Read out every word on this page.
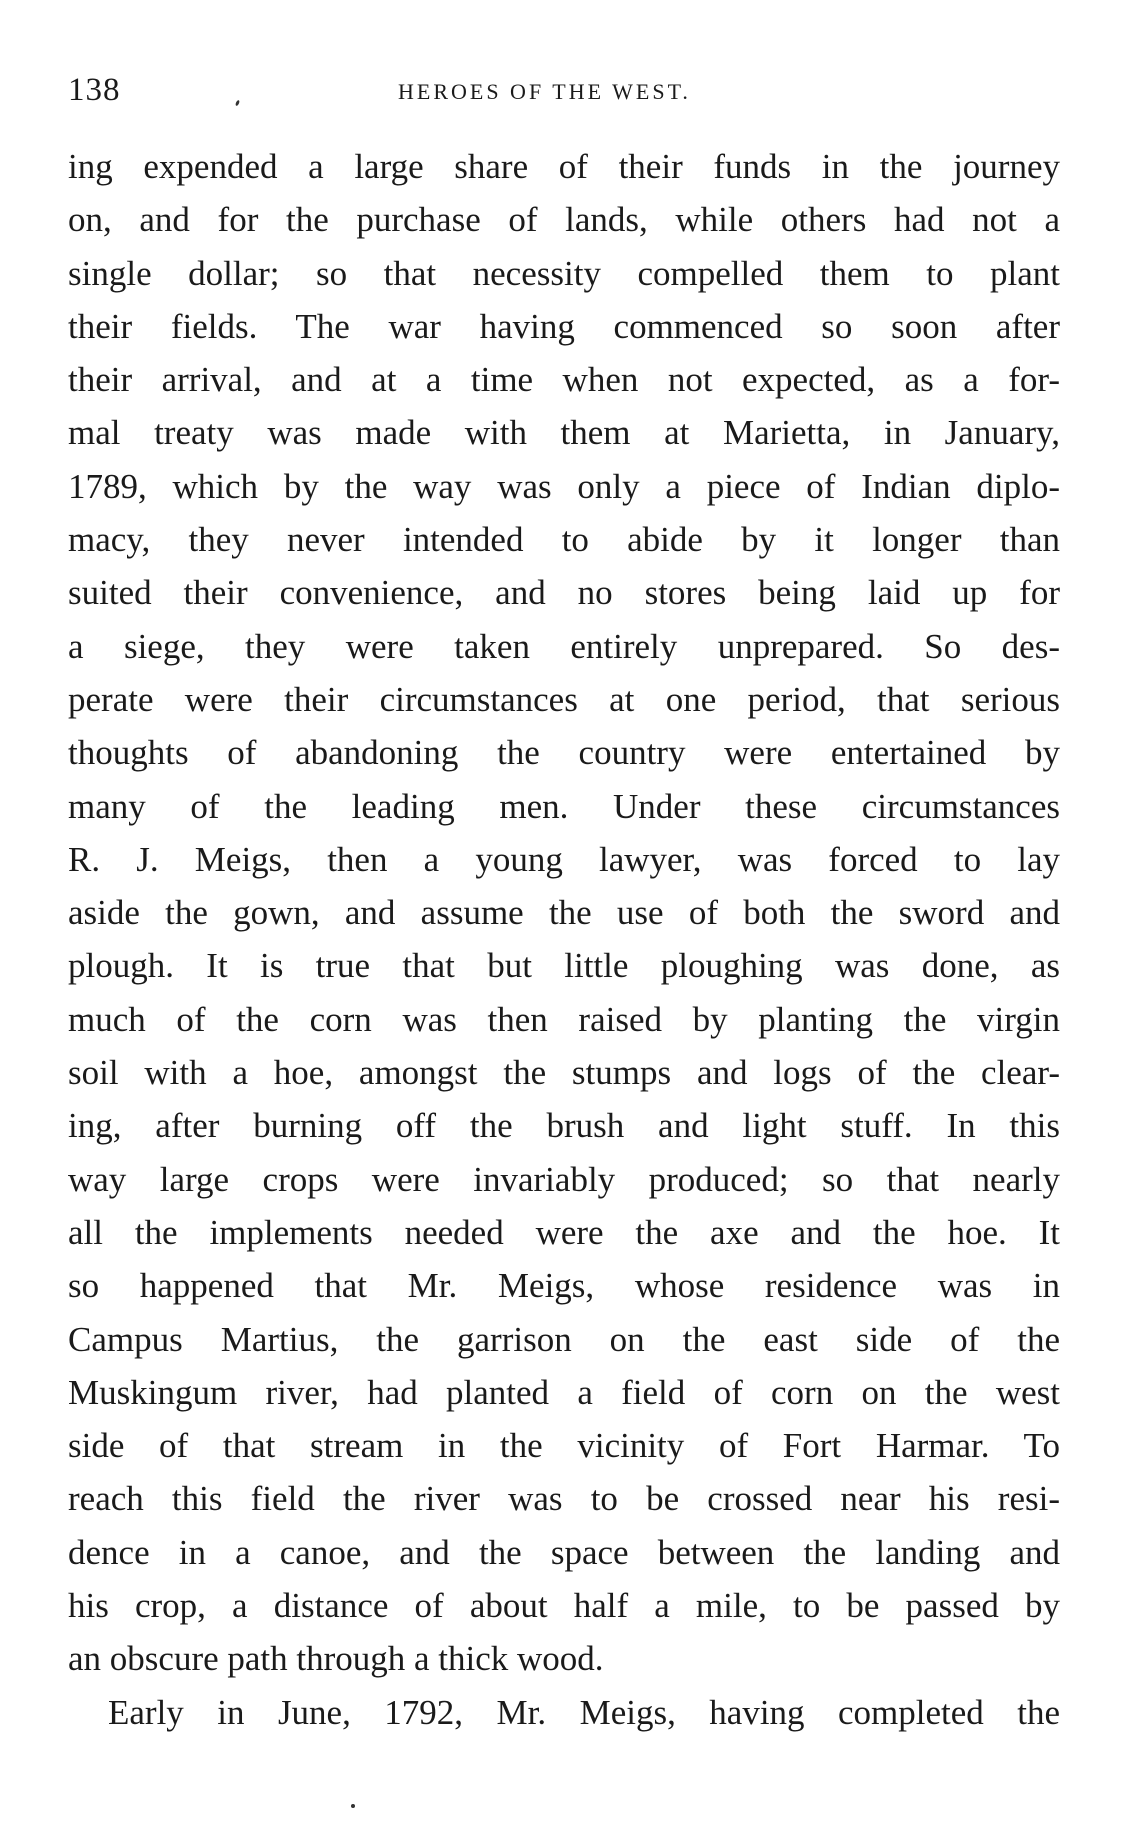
138	HEROES OF THE WEST.
ing expended a large share of their funds in the journey
on, and for the purchase of lands, while others had not a
single dollar; so that necessity compelled them to plant
their fields. The war having commenced so soon after
their arrival, and at a time when not expected, as a for-
mal treaty was made with them at Marietta, in January,
1789, which by the way was only a piece of Indian diplo-
macy, they never intended to abide by it longer than
suited their convenience, and no stores being laid up for
a siege, they were taken entirely unprepared. So des-
perate were their circumstances at one period, that serious
thoughts of abandoning the country were entertained by
many of the leading men. Under these circumstances
R. J. Meigs, then a young lawyer, was forced to lay
aside the gown, and assume the use of both the sword and
plough. It is true that but little ploughing was done, as
much of the corn was then raised by planting the virgin
soil with a hoe, amongst the stumps and logs of the clear-
ing, after burning off the brush and light stuff. In this
way large crops were invariably produced; so that nearly
all the implements needed were the axe and the hoe. It
so happened that Mr. Meigs, whose residence was in
Campus Martius, the garrison on the east side of the
Muskingum river, had planted a field of corn on the west
side of that stream in the vicinity of Fort Harmar. To
reach this field the river was to be crossed near his resi-
dence in a canoe, and the space between the landing and
his crop, a distance of about half a mile, to be passed by
an obscure path through a thick wood.
Early in June, 1792, Mr. Meigs, having completed the
